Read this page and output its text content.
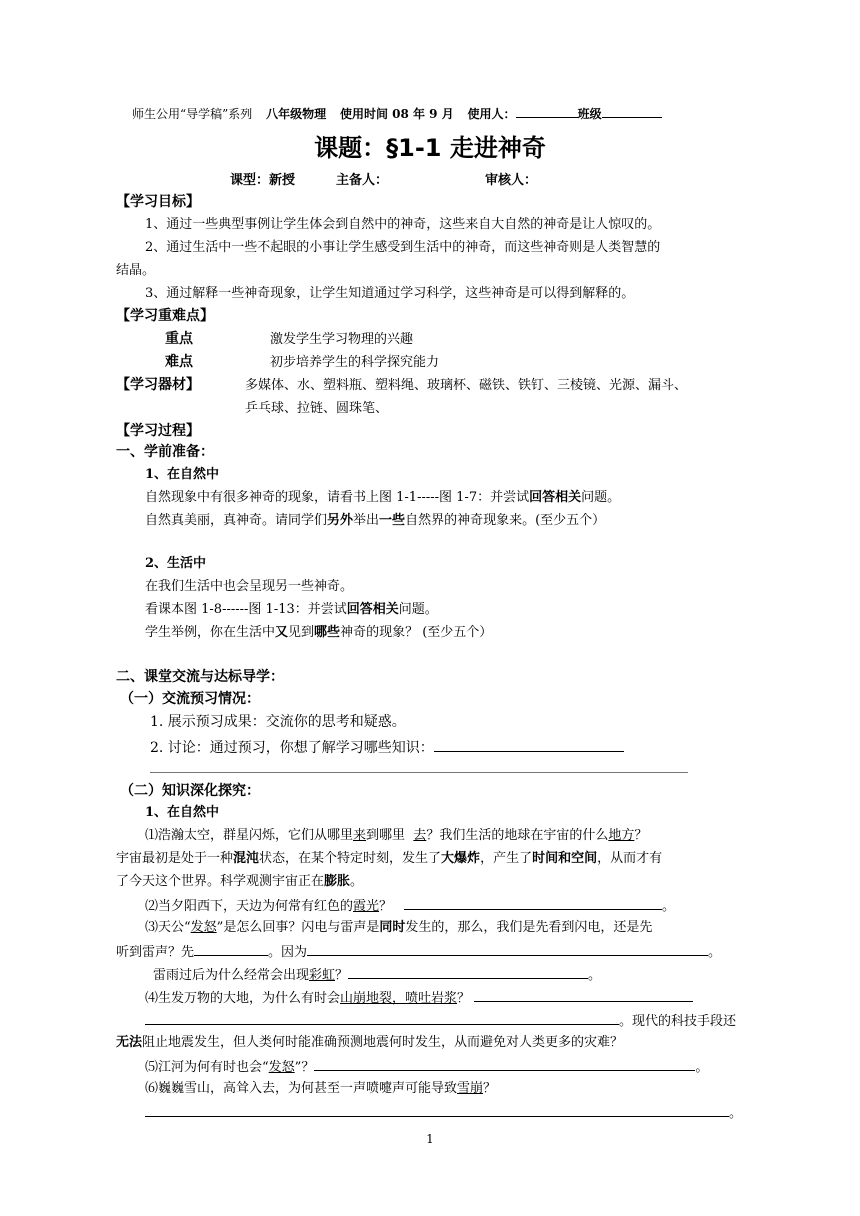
师生公用“导学稿”系列 八年级物理 使用时间 08 年 9 月 使用人：	班级
课题：§1-1 走进神奇
课型：新授	主备人：	审核人：
【学习目标】
1、通过一些典型事例让学生体会到自然中的神奇，这些来自大自然的神奇是让人惊叹的。
2、通过生活中一些不起眼的小事让学生感受到生活中的神奇，而这些神奇则是人类智慧的
结晶。
3、通过解释一些神奇现象，让学生知道通过学习科学，这些神奇是可以得到解释的。
【学习重难点】
重点	激发学生学习物理的兴趣
难点	初步培养学生的科学探究能力
【学习器材】	多媒体、水、塑料瓶、塑料绳、玻璃杯、磁铁、铁钉、三棱镜、光源、漏斗、
乒乓球、拉链、圆珠笔、
【学习过程】
一、学前准备：
1、在自然中
自然现象中有很多神奇的现象，请看书上图 1-1-----图 1-7：并尝试回答相关问题。
自然真美丽，真神奇。请同学们另外举出一些自然界的神奇现象来。(至少五个）
2、生活中
在我们生活中也会呈现另一些神奇。
看课本图 1-8------图 1-13：并尝试回答相关问题。
学生举例，你在生活中又见到哪些神奇的现象？ (至少五个）
二、课堂交流与达标导学：
（一）交流预习情况：
1. 展示预习成果：交流你的思考和疑惑。
2. 讨论：通过预习，你想了解学习哪些知识：
（二）知识深化探究：
1、在自然中
⑴浩瀚太空，群星闪烁，它们从哪里来到哪里  去？我们生活的地球在宇宙的什么地方？
宇宙最初是处于一种混沌状态，在某个特定时刻，发生了大爆炸，产生了时间和空间，从而才有
了今天这个世界。科学观测宇宙正在膨胀。
⑵当夕阳西下，天边为何常有红色的霞光？	。
⑶天公“发怒”是怎么回事？闪电与雷声是同时发生的，那么，我们是先看到闪电，还是先
听到雷声？先	。因为	。
雷雨过后为什么经常会出现彩虹？	。
⑷生发万物的大地，为什么有时会山崩地裂，喷吐岩浆？
。现代的科技手段还
无法阻止地震发生，但人类何时能准确预测地震何时发生，从而避免对人类更多的灾难？
⑸江河为何有时也会“发怒”？	。
⑹巍巍雪山，高耸入去，为何甚至一声喷嚏声可能导致雪崩？
。
1
